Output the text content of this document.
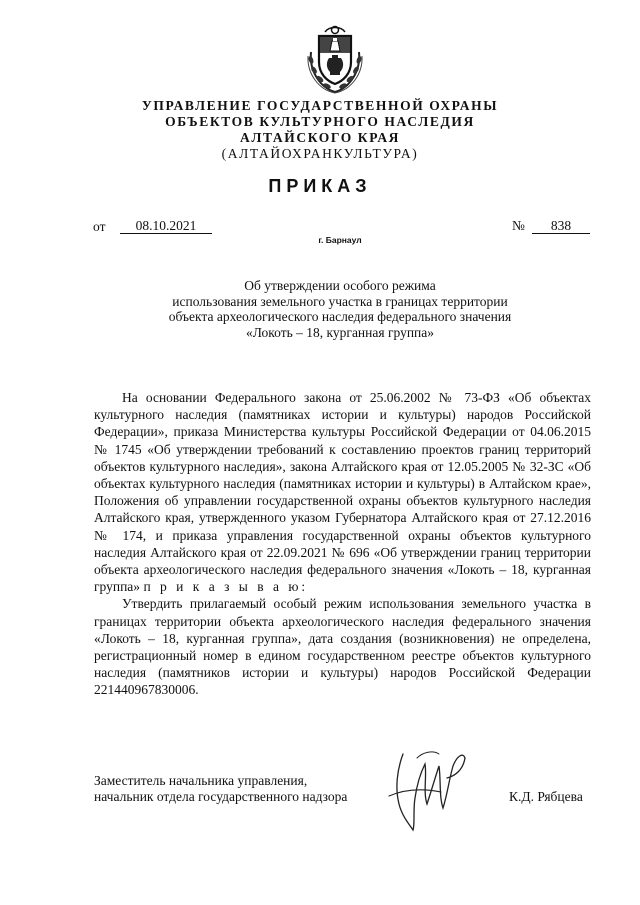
УПРАВЛЕНИЕ ГОСУДАРСТВЕННОЙ ОХРАНЫ
ОБЪЕКТОВ КУЛЬТУРНОГО НАСЛЕДИЯ
АЛТАЙСКОГО КРАЯ
(АЛТАЙОХРАНКУЛЬТУРА)
ПРИКАЗ
от	08.10.2021	№	838
г. Барнаул
Об утверждении особого режима
использования земельного участка в границах территории
объекта археологического наследия федерального значения
«Локоть – 18, курганная группа»

На основании Федерального закона от 25.06.2002 № 73-ФЗ «Об объектах культурного наследия (памятниках истории и культуры) народов Российской Федерации», приказа Министерства культуры Российской Федерации от 04.06.2015 № 1745 «Об утверждении требований к составлению проектов границ территорий объектов культурного наследия», закона Алтайского края от 12.05.2005 № 32-ЗС «Об объектах культурного наследия (памятниках истории и культуры) в Алтайском крае», Положения об управлении государственной охраны объектов культурного наследия Алтайского края, утвержденного указом Губернатора Алтайского края от 27.12.2016 № 174, и приказа управления государственной охраны объектов культурного наследия Алтайского края от 22.09.2021 № 696 «Об утверждении границ территории объекта археологического наследия федерального значения «Локоть – 18, курганная группа» п р и к а з ы в а ю:

Утвердить прилагаемый особый режим использования земельного участка в границах территории объекта археологического наследия федерального значения «Локоть – 18, курганная группа», дата создания (возникновения) не определена, регистрационный номер в едином государственном реестре объектов культурного наследия (памятников истории и культуры) народов Российской Федерации 221440967830006.

Заместитель начальника управления,
начальник отдела государственного надзора	К.Д. Рябцева
